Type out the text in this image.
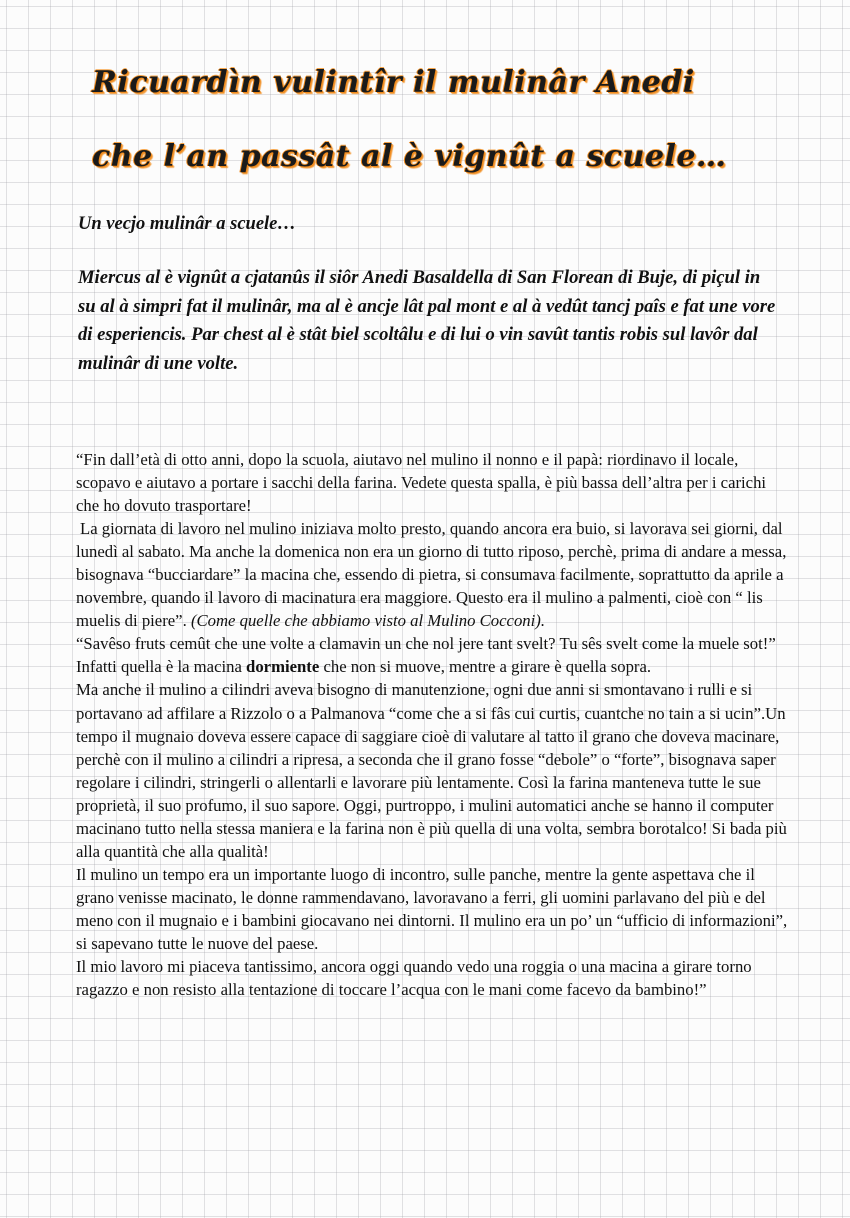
Ricuardìn vulintîr il mulinâr Anedi
che l’an passât al è vignût a scuele…

Un vecjo mulinâr a scuele…

Miercus al è vignût a cjatanûs il siôr Anedi Basaldella di San Florean di Buje, di piçul in su al à simpri fat il mulinâr, ma al è ancje lât pal mont e al à vedût tancj paîs e fat une vore di esperiencis. Par chest al è stât biel scoltâlu e di lui o vin savût tantis robis sul lavôr dal mulinâr di une volte.

“Fin dall’età di otto anni, dopo la scuola, aiutavo nel mulino il nonno e il papà: riordinavo il locale, scopavo e aiutavo a portare i sacchi della farina. Vedete questa spalla, è più bassa dell’altra per i carichi che ho dovuto trasportare!

La giornata di lavoro nel mulino iniziava molto presto, quando ancora era buio, si lavorava sei giorni, dal lunedì al sabato. Ma anche la domenica non era un giorno di tutto riposo, perchè, prima di andare a messa, bisognava “bucciardare” la macina che, essendo di pietra, si consumava facilmente, soprattutto da aprile a novembre, quando il lavoro di macinatura era maggiore. Questo era il mulino a palmenti, cioè con “ lis muelis di piere”. (Come quelle che abbiamo visto al Mulino Cocconi).

“Savêso fruts cemût che une volte a clamavin un che nol jere tant svelt? Tu sês svelt come la muele sot!” Infatti quella è la macina dormiente che non si muove, mentre a girare è quella sopra.

Ma anche il mulino a cilindri aveva bisogno di manutenzione, ogni due anni si smontavano i rulli e si portavano ad affilare a Rizzolo o a Palmanova “come che a si fâs cui curtis, cuantche no tain a si ucin”.Un tempo il mugnaio doveva essere capace di saggiare cioè di valutare al tatto il grano che doveva macinare, perchè con il mulino a cilindri a ripresa, a seconda che il grano fosse “debole” o “forte”, bisognava saper regolare i cilindri, stringerli o allentarli e lavorare più lentamente. Così la farina manteneva tutte le sue proprietà, il suo profumo, il suo sapore. Oggi, purtroppo, i mulini automatici anche se hanno il computer macinano tutto nella stessa maniera e la farina non è più quella di una volta, sembra borotalco! Si bada più alla quantità che alla qualità!

Il mulino un tempo era un importante luogo di incontro, sulle panche, mentre la gente aspettava che il grano venisse macinato, le donne rammendavano, lavoravano a ferri, gli uomini parlavano del più e del meno con il mugnaio e i bambini giocavano nei dintorni. Il mulino era un po’ un “ufficio di informazioni”, si sapevano tutte le nuove del paese.

Il mio lavoro mi piaceva tantissimo, ancora oggi quando vedo una roggia o una macina a girare torno ragazzo e non resisto alla tentazione di toccare l’acqua con le mani come facevo da bambino!”
